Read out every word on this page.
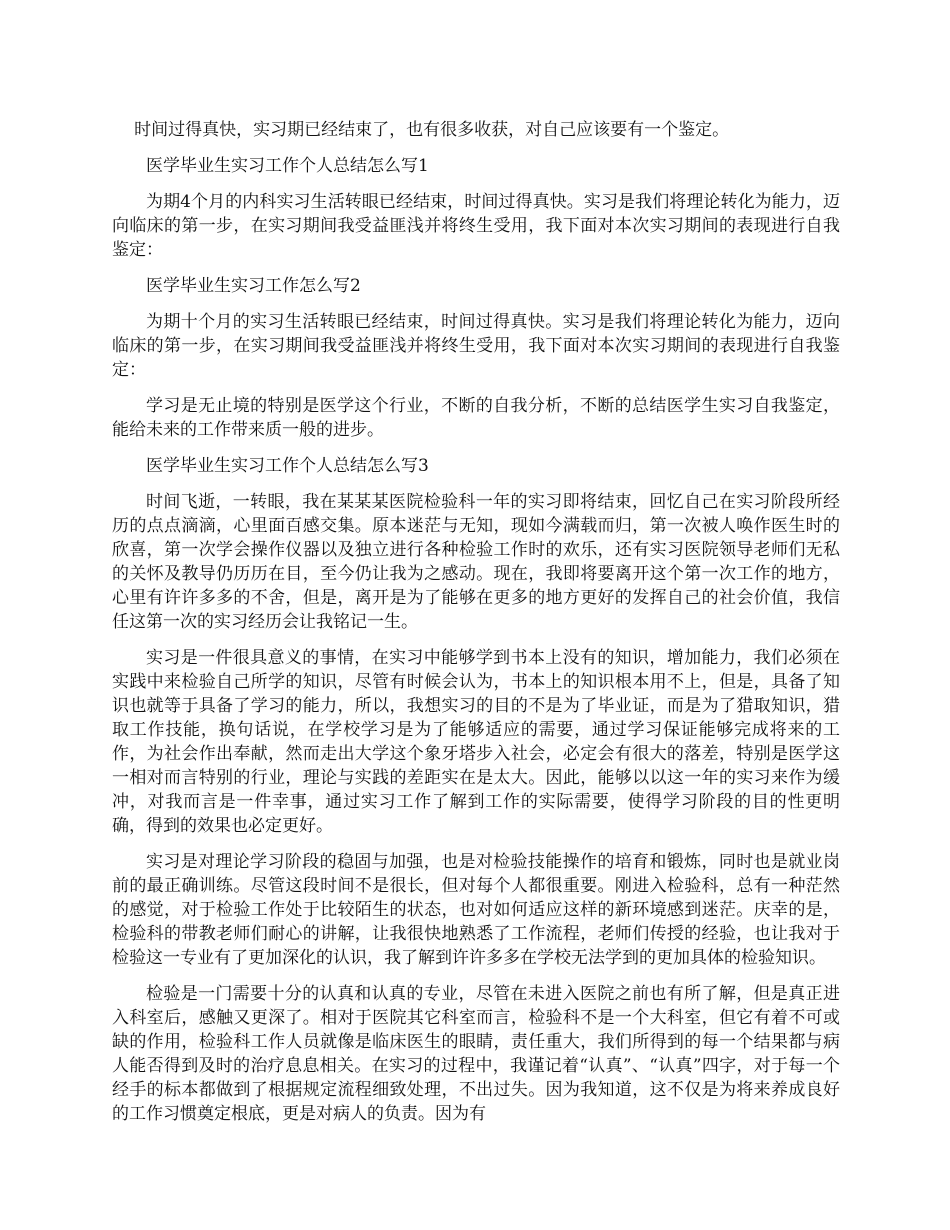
时间过得真快，实习期已经结束了，也有很多收获，对自己应该要有一个鉴定。

医学毕业生实习工作个人总结怎么写1

为期4个月的内科实习生活转眼已经结束，时间过得真快。实习是我们将理论转化为能力，迈向临床的第一步，在实习期间我受益匪浅并将终生受用，我下面对本次实习期间的表现进行自我鉴定：

医学毕业生实习工作怎么写2

为期十个月的实习生活转眼已经结束，时间过得真快。实习是我们将理论转化为能力，迈向临床的第一步，在实习期间我受益匪浅并将终生受用，我下面对本次实习期间的表现进行自我鉴定：

学习是无止境的特别是医学这个行业，不断的自我分析，不断的总结医学生实习自我鉴定，能给未来的工作带来质一般的进步。

医学毕业生实习工作个人总结怎么写3

时间飞逝，一转眼，我在某某某医院检验科一年的实习即将结束，回忆自己在实习阶段所经历的点点滴滴，心里面百感交集。原本迷茫与无知，现如今满载而归，第一次被人唤作医生时的欣喜，第一次学会操作仪器以及独立进行各种检验工作时的欢乐，还有实习医院领导老师们无私的关怀及教导仍历历在目，至今仍让我为之感动。现在，我即将要离开这个第一次工作的地方，心里有许许多多的不舍，但是，离开是为了能够在更多的地方更好的发挥自己的社会价值，我信任这第一次的实习经历会让我铭记一生。

实习是一件很具意义的事情，在实习中能够学到书本上没有的知识，增加能力，我们必须在实践中来检验自己所学的知识，尽管有时候会认为，书本上的知识根本用不上，但是，具备了知识也就等于具备了学习的能力，所以，我想实习的目的不是为了毕业证，而是为了猎取知识，猎取工作技能，换句话说，在学校学习是为了能够适应的需要，通过学习保证能够完成将来的工作，为社会作出奉献，然而走出大学这个象牙塔步入社会，必定会有很大的落差，特别是医学这一相对而言特别的行业，理论与实践的差距实在是太大。因此，能够以以这一年的实习来作为缓冲，对我而言是一件幸事，通过实习工作了解到工作的实际需要，使得学习阶段的目的性更明确，得到的效果也必定更好。

实习是对理论学习阶段的稳固与加强，也是对检验技能操作的培育和锻炼，同时也是就业岗前的最正确训练。尽管这段时间不是很长，但对每个人都很重要。刚进入检验科，总有一种茫然的感觉，对于检验工作处于比较陌生的状态，也对如何适应这样的新环境感到迷茫。庆幸的是，检验科的带教老师们耐心的讲解，让我很快地熟悉了工作流程，老师们传授的经验，也让我对于检验这一专业有了更加深化的认识，我了解到许许多多在学校无法学到的更加具体的检验知识。

检验是一门需要十分的认真和认真的专业，尽管在未进入医院之前也有所了解，但是真正进入科室后，感触又更深了。相对于医院其它科室而言，检验科不是一个大科室，但它有着不可或缺的作用，检验科工作人员就像是临床医生的眼睛，责任重大，我们所得到的每一个结果都与病人能否得到及时的治疗息息相关。在实习的过程中，我谨记着“认真”、“认真”四字，对于每一个经手的标本都做到了根据规定流程细致处理，不出过失。因为我知道，这不仅是为将来养成良好的工作习惯奠定根底，更是对病人的负责。因为有
